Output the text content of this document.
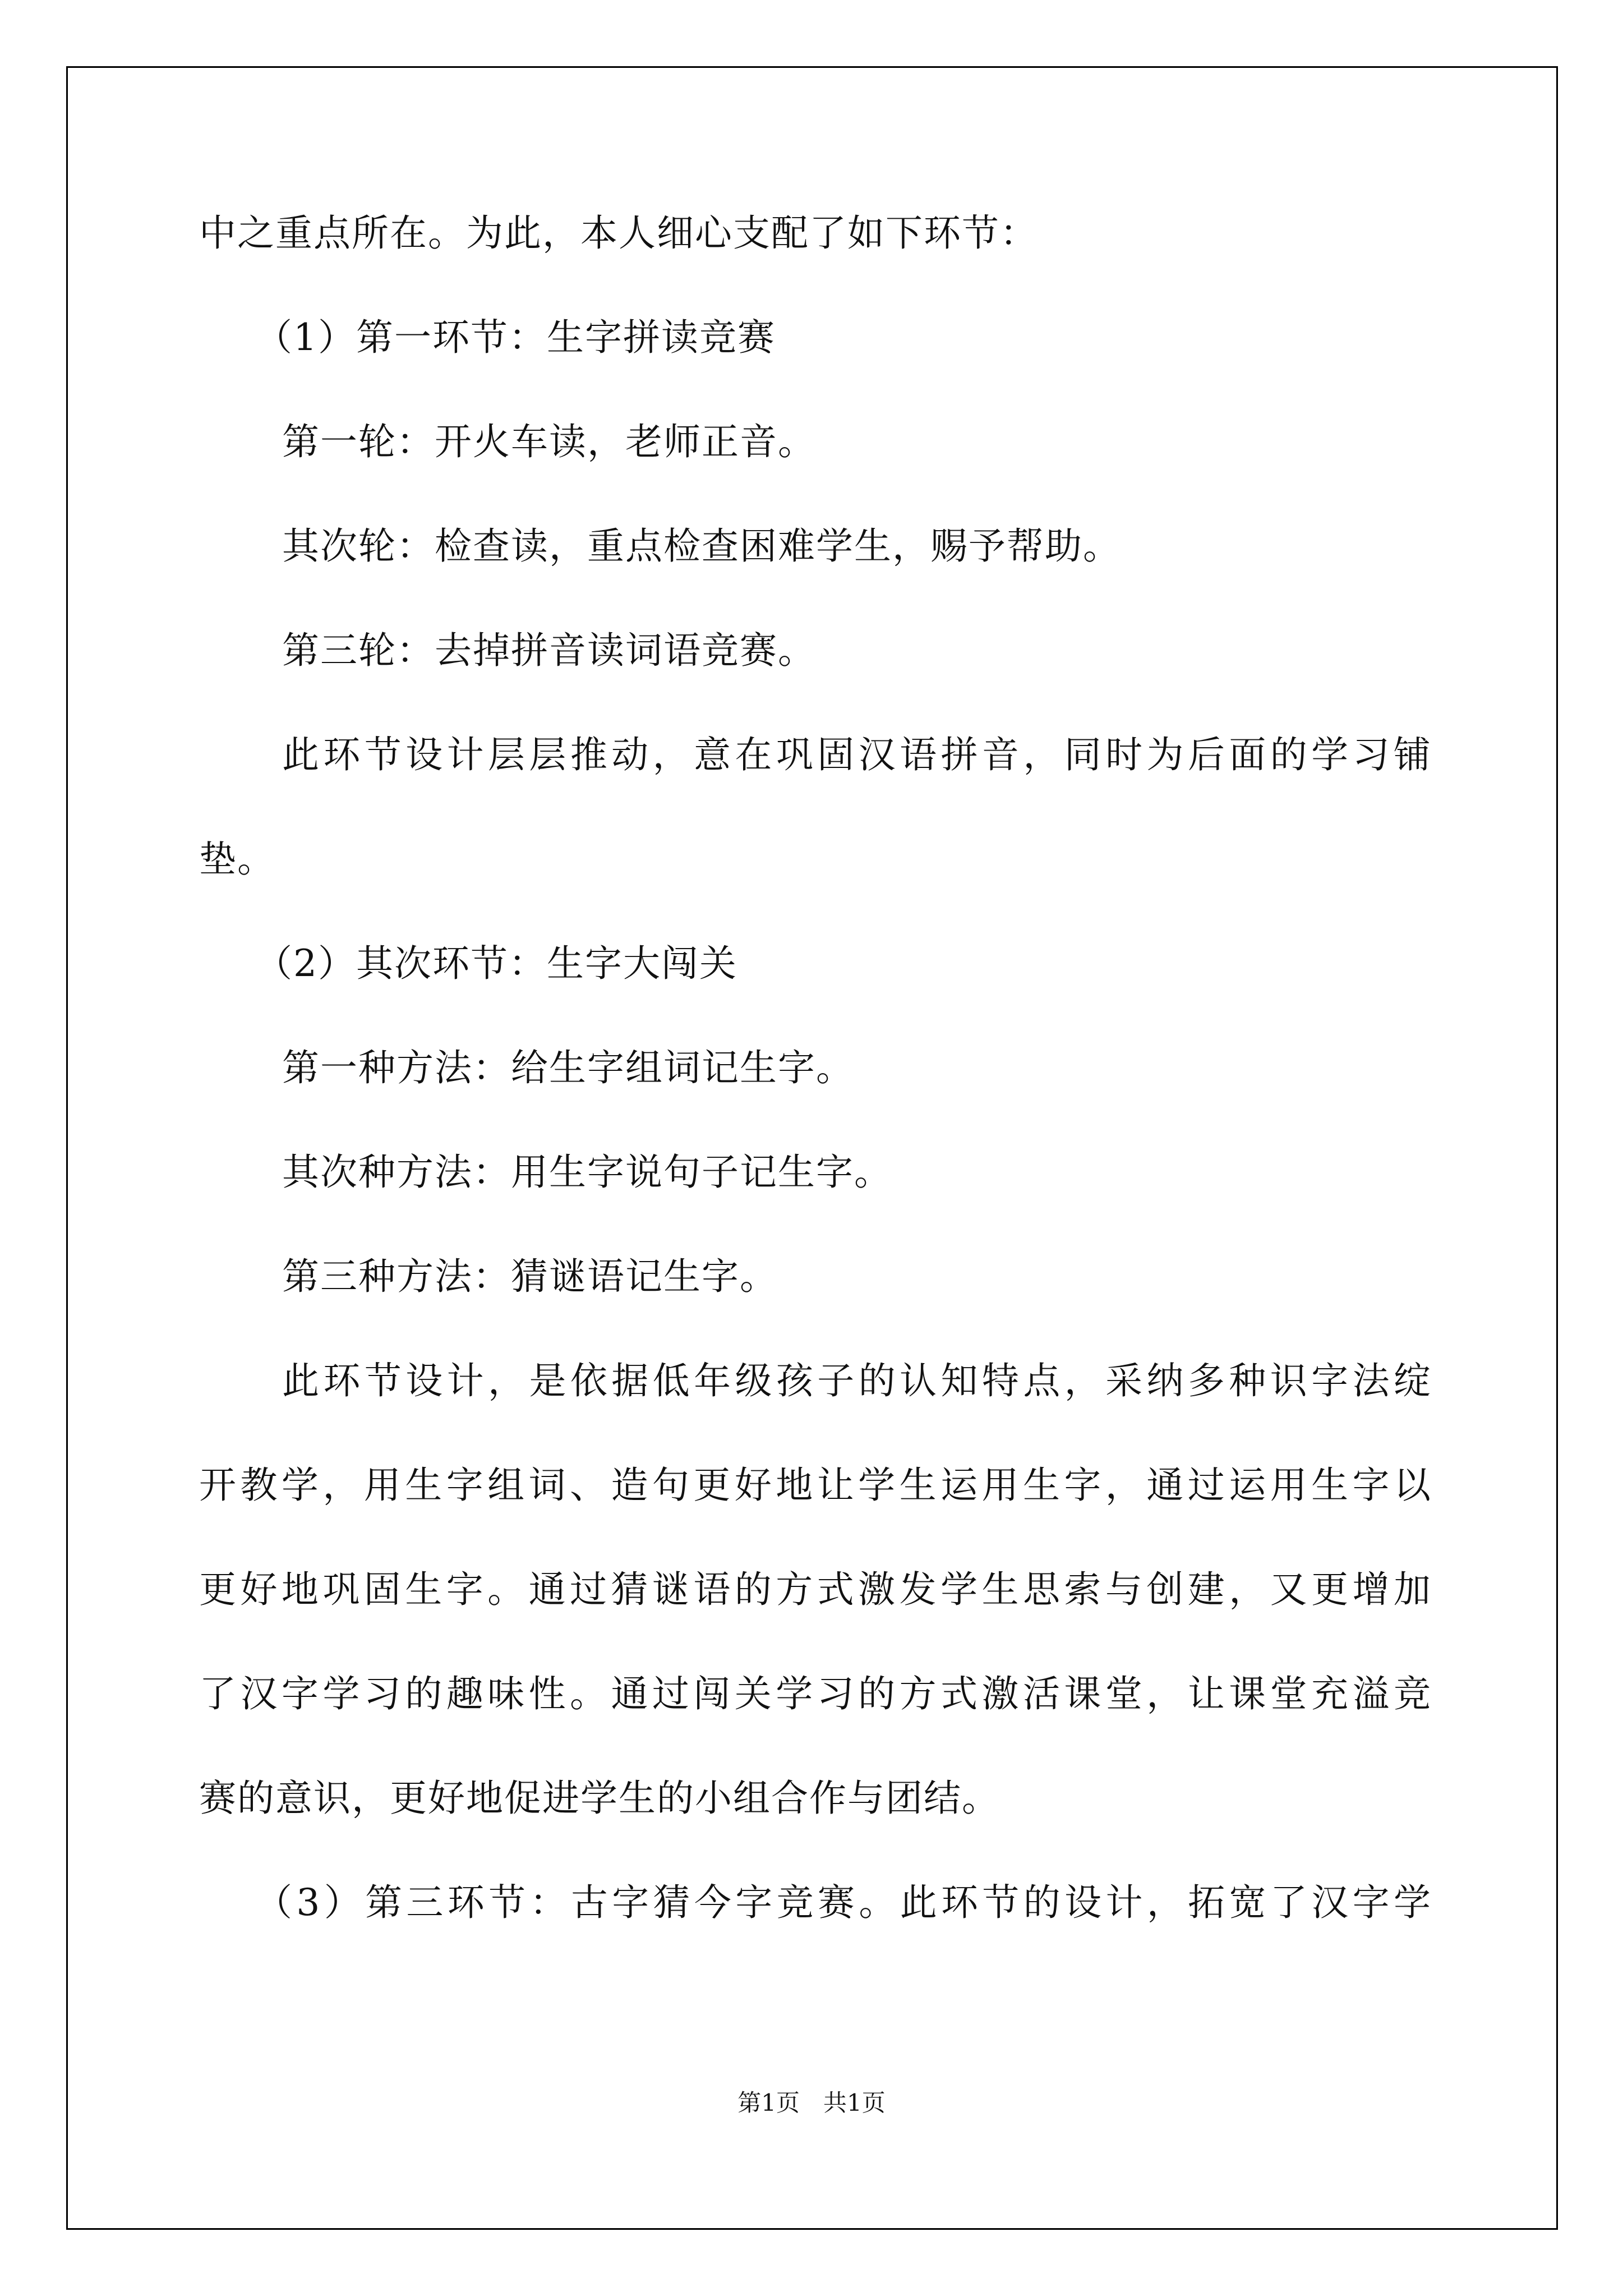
中之重点所在。为此，本人细心支配了如下环节：
（1）第一环节：生字拼读竞赛
第一轮：开火车读，老师正音。
其次轮：检查读，重点检查困难学生，赐予帮助。
第三轮：去掉拼音读词语竞赛。
此环节设计层层推动，意在巩固汉语拼音，同时为后面的学习铺
垫。
（2）其次环节：生字大闯关
第一种方法：给生字组词记生字。
其次种方法：用生字说句子记生字。
第三种方法：猜谜语记生字。
此环节设计，是依据低年级孩子的认知特点，采纳多种识字法绽
开教学，用生字组词、造句更好地让学生运用生字，通过运用生字以
更好地巩固生字。通过猜谜语的方式激发学生思索与创建，又更增加
了汉字学习的趣味性。通过闯关学习的方式激活课堂，让课堂充溢竞
赛的意识，更好地促进学生的小组合作与团结。
（3）第三环节：古字猜今字竞赛。此环节的设计，拓宽了汉字学
第1页　共1页
